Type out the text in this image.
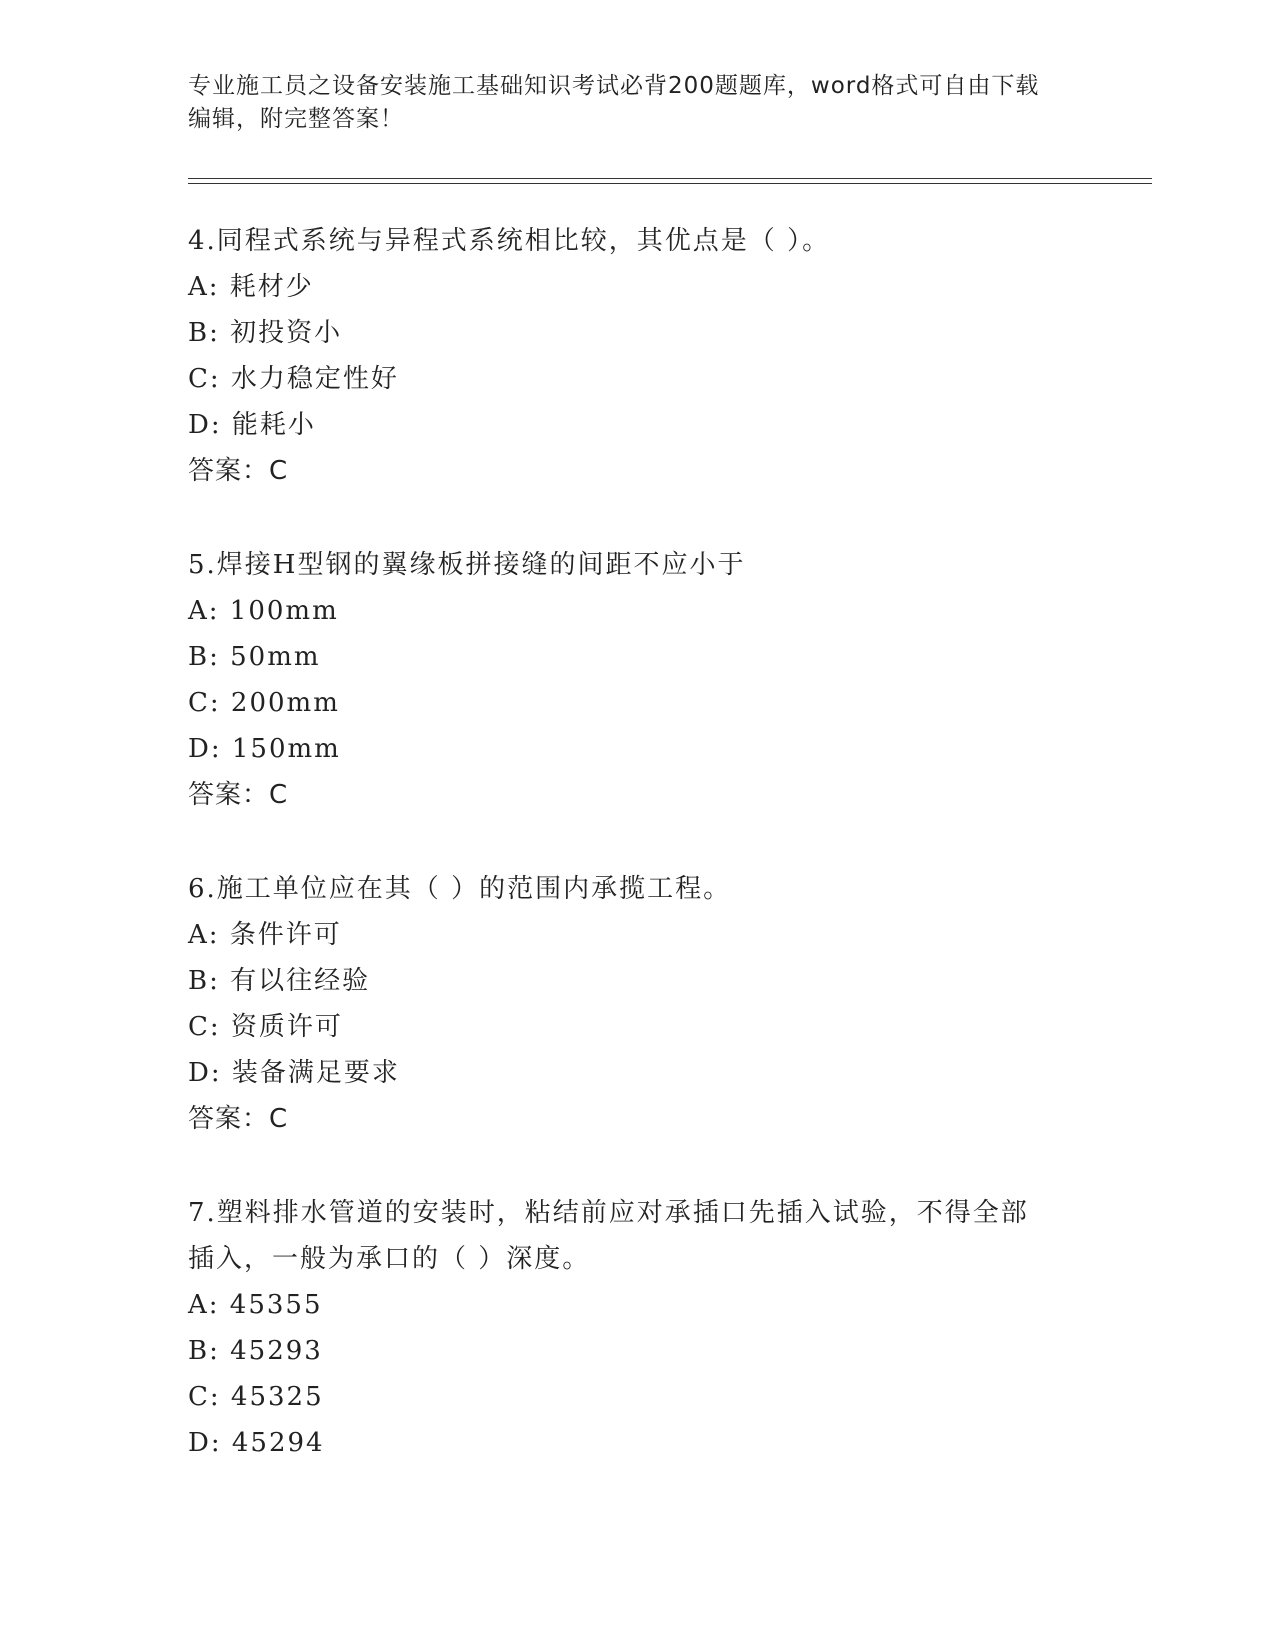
专业施工员之设备安装施工基础知识考试必背200题题库，word格式可自由下载
编辑，附完整答案！
4.同程式系统与异程式系统相比较，其优点是（ ）。
A: 耗材少
B: 初投资小
C: 水力稳定性好
D: 能耗小
答案：C
5.焊接H型钢的翼缘板拼接缝的间距不应小于
A: 100mm
B: 50mm
C: 200mm
D: 150mm
答案：C
6.施工单位应在其（ ）的范围内承揽工程。
A: 条件许可
B: 有以往经验
C: 资质许可
D: 装备满足要求
答案：C
7.塑料排水管道的安装时，粘结前应对承插口先插入试验，不得全部
插入，一般为承口的（ ）深度。
A: 45355
B: 45293
C: 45325
D: 45294
